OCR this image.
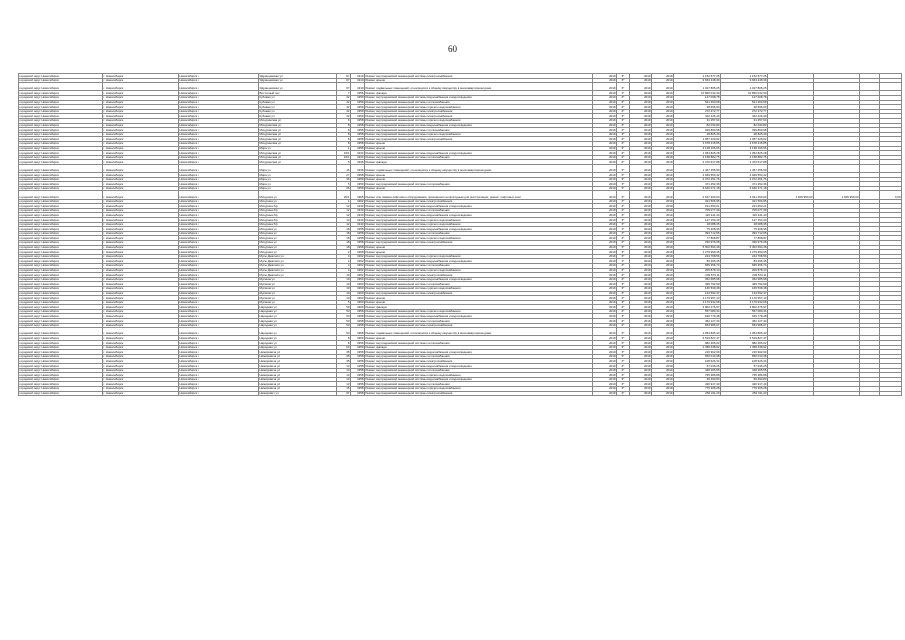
60
городской округ Новосибирск	г. Новосибирск	Новосибирск г	Ядринцевская ул	67	1910	Ремонт внутридомовой инженерной системы электроснабжения	2019	6*	2019	2019	1 152 577,25	1 152 577,25				
городской округ Новосибирск	г. Новосибирск	Новосибирск г	Ядринцевская ул	67	1910	Ремонт крыши	2019	6*	2019	2019	9 663 448,39	9 663 448,39				
городской округ Новосибирск	г. Новосибирск	Новосибирск г	Ядринцевская ул	67	1910	Ремонт подвальных помещений, относящихся к общему имуществу в многоквартирном доме	2019	6*	2019	2019	1 027 805,25	1 027 805,25				
городской округ Новосибирск	г. Новосибирск	Новосибирск г	Восточный пос	7	1956	Ремонт фасада	2019	6*	2019	2019	10 860 042,30	10 860 042,30				
городской округ Новосибирск	г. Новосибирск	Новосибирск г	Кубовая ул	42	1959	Ремонт внутридомовой инженерной системы водоснабжения и водоотведения	2019	6*	2019	2019	127 008,78	127 008,78				
городской округ Новосибирск	г. Новосибирск	Новосибирск г	Кубовая ул	42	1959	Ремонт внутридомовой инженерной системы теплоснабжения	2019	6*	2019	2019	521 360,68	521 360,68				
городской округ Новосибирск	г. Новосибирск	Новосибирск г	Кубовая ул	42	1959	Ремонт внутридомовой инженерной системы горячего водоснабжения	2019	6*	2019	2019	38 696,60	38 696,60				
городской округ Новосибирск	г. Новосибирск	Новосибирск г	Кубовая ул	42	1959	Ремонт внутридомовой инженерной системы электроснабжения	2019	6*	2019	2019	272 472,77	272 472,77				
городской округ Новосибирск	г. Новосибирск	Новосибирск г	Кубовая ул	42	1959	Ремонт внутридомовой инженерной системы электроснабжения	2019	6*	2019	2019	422 426,40	422 426,40				
городской округ Новосибирск	г. Новосибирск	Новосибирск г	Мичуринская ул	6	1958	Ремонт внутридомовой инженерной системы горячего водоснабжения	2019	6*	2019	2019	31 257,04	31 257,04				
городской округ Новосибирск	г. Новосибирск	Новосибирск г	Мичуринская ул	8	1958	Ремонт внутридомовой инженерной системы водоснабжения и водоотведения	2019	6*	2019	2019	82 034,83	82 034,83				
городской округ Новосибирск	г. Новосибирск	Новосибирск г	Мичуринская ул	8	1958	Ремонт внутридомовой инженерной системы теплоснабжения	2019	6*	2019	2019	339 860,98	339 860,98				
городской округ Новосибирск	г. Новосибирск	Новосибирск г	Мичуринская ул	8	1958	Ремонт внутридомовой инженерной системы горячего водоснабжения	2019	6*	2019	2019	28 825,40	28 825,40				
городской округ Новосибирск	г. Новосибирск	Новосибирск г	Мичуринская ул	8	1958	Ремонт внутридомовой инженерной системы электроснабжения	2019	6*	2019	2019	1 057 329,02	1 057 329,02				
городской округ Новосибирск	г. Новосибирск	Новосибирск г	Мичуринская ул	8	1958	Ремонт крыши	2019	6*	2019	2019	2 678 215,85	2 678 215,85				
городской округ Новосибирск	г. Новосибирск	Новосибирск г	Мира ул	1	1958	Ремонт крыши	2019	6*	2019	2019	4 138 106,66	4 138 106,66				
городской округ Новосибирск	г. Новосибирск	Новосибирск г	Мичуринская ул	16/1	1934	Ремонт внутридомовой инженерной системы водоснабжения и водоотведения	2019	6*	2019	2019	1 054 825,28	1 054 825,28				
городской округ Новосибирск	г. Новосибирск	Новосибирск г	Мичуринская ул	16/1	1934	Ремонт внутридомовой инженерной системы теплоснабжения	2019	6*	2019	2019	2 158 882,75	2 158 882,75				
городской округ Новосибирск	г. Новосибирск	Новосибирск г	Мичуринская ул	5	1935	Ремонт фасада	2019	6*	2019	2019	2 470 617,88	2 470 617,88				
городской округ Новосибирск	г. Новосибирск	Новосибирск г	Мира ул	16	1936	Ремонт подвальных помещений, относящихся к общему имуществу в многоквартирном доме	2019	6*	2019	2019	1 467 456,90	1 467 456,90				
городской округ Новосибирск	г. Новосибирск	Новосибирск г	Мира ул	27	1958	Ремонт крыши	2019	6*	2019	2019	4 949 553,42	4 949 553,42				
городской округ Новосибирск	г. Новосибирск	Новосибирск г	Мира ул	46	1959	Ремонт крыши	2019	6*	2019	2019	2 072 251,76	2 072 251,76				
городской округ Новосибирск	г. Новосибирск	Новосибирск г	Мира ул	5	1959	Ремонт внутридомовой инженерной системы теплоснабжения	2019	6*	2019	2019	471 252,36	471 252,36				
городской округ Новосибирск	г. Новосибирск	Новосибирск г	Мира ул	26	1959	Ремонт крыши	2019	6*	2019	2019	6 640 271,18	6 640 271,18				
городской округ Новосибирск	г. Новосибирск	Новосибирск г	Мичурина ул	20/1	1965	Ремонт или замена лифтового оборудования, признанного непригодным для эксплуатации, ремонт лифтовых шахт	2019	6*	2019	2019	4 637 300,00	3 031 350,00	1 605 950,00	1 605 950,00		0,00
городской округ Новосибирск	г. Новосибирск	Новосибирск г	Мичурина ул	1	1962	Ремонт внутридомовой инженерной системы электроснабжения	2019	6*	2019	2019	321 506,95	321 506,95				
городской округ Новосибирск	г. Новосибирск	Новосибирск г	Мичурина б/р	12	1940	Ремонт внутридомовой инженерной системы водоснабжения и водоотведения	2019	6*	2019	2019	221 653,21	221 653,21				
городской округ Новосибирск	г. Новосибирск	Новосибирск г	Мичурина б/р	12	1940	Ремонт внутридомовой инженерной системы теплоснабжения	2019	6*	2019	2019	705 077,39	705 077,39				
городской округ Новосибирск	г. Новосибирск	Новосибирск г	Мичурина б/р	12	1940	Ремонт внутридомовой инженерной системы водоснабжения и водоотведения	2019	6*	2019	2019	116 341,43	116 341,43				
городской округ Новосибирск	г. Новосибирск	Новосибирск г	Мичурина б/р	12	1940	Ремонт внутридомовой инженерной системы горячего водоснабжения	2019	6*	2019	2019	127 154,40	127 154,40				
городской округ Новосибирск	г. Новосибирск	Новосибирск г	Мичурина б/р	12	1940	Ремонт внутридомовой инженерной системы горячего водоснабжения	2019	6*	2019	2019	18 088,35	18 088,35				
городской округ Новосибирск	г. Новосибирск	Новосибирск г	Мичурина ул	18	1958	Ремонт внутридомовой инженерной системы водоснабжения и водоотведения	2019	6*	2019	2019	75 308,36	75 308,36				
городской округ Новосибирск	г. Новосибирск	Новосибирск г	Мичурина ул	18	1958	Ремонт внутридомовой инженерной системы теплоснабжения	2019	6*	2019	2019	393 712,65	393 712,65				
городской округ Новосибирск	г. Новосибирск	Новосибирск г	Мичурина ул	18	1958	Ремонт внутридомовой инженерной системы горячего водоснабжения	2019	6*	2019	2019	77 808,87	77 808,87				
городской округ Новосибирск	г. Новосибирск	Новосибирск г	Мичурина ул	18	1958	Ремонт внутридомовой инженерной системы электроснабжения	2019	6*	2019	2019	330 976,08	330 976,08				
городской округ Новосибирск	г. Новосибирск	Новосибирск г	Мичурина ул	18	1958	Ремонт крыши	2019	6*	2019	2019	5 302 594,48	5 302 594,48				
городской округ Новосибирск	г. Новосибирск	Новосибирск г	Мичурина ул	2	1958	Ремонт крыши	2019	6*	2019	2019	1 279 959,45	1 279 959,45				
городской округ Новосибирск	г. Новосибирск	Новосибирск г	Мусы Джалиля ул	4	1962	Ремонт внутридомовой инженерной системы горячего водоснабжения	2019	6*	2019	2019	244 768,56	244 768,56				
городской округ Новосибирск	г. Новосибирск	Новосибирск г	Мусы Джалиля ул	4	1962	Ремонт внутридомовой инженерной системы водоснабжения и водоотведения	2019	6*	2019	2019	83 296,45	83 296,45				
городской округ Новосибирск	г. Новосибирск	Новосибирск г	Мусы Джалиля ул	4	1962	Ремонт внутридомовой инженерной системы теплоснабжения	2019	6*	2019	2019	665 356,74	665 356,74				
городской округ Новосибирск	г. Новосибирск	Новосибирск г	Мусы Джалиля ул	4	1962	Ремонт внутридомовой инженерной системы горячего водоснабжения	2019	6*	2019	2019	206 878,13	206 878,13				
городской округ Новосибирск	г. Новосибирск	Новосибирск г	Мусы Джалиля ул	10	1962	Ремонт внутридомовой инженерной системы электроснабжения	2019	6*	2019	2019	249 573,11	249 573,11				
городской округ Новосибирск	г. Новосибирск	Новосибирск г	Мусиков ул	10	1960	Ремонт внутридомовой инженерной системы водоснабжения и водоотведения	2019	6*	2019	2019	352 685,98	352 685,98				
городской округ Новосибирск	г. Новосибирск	Новосибирск г	Мусиков ул	10	1960	Ремонт внутридомовой инженерной системы теплоснабжения	2019	6*	2019	2019	469 792,99	469 792,99				
городской округ Новосибирск	г. Новосибирск	Новосибирск г	Мусиков ул	10	1960	Ремонт внутридомовой инженерной системы горячего водоснабжения	2019	6*	2019	2019	166 539,48	166 539,48				
городской округ Новосибирск	г. Новосибирск	Новосибирск г	Мусиков ул	10	1960	Ремонт внутридомовой инженерной системы электроснабжения	2019	6*	2019	2019	134 592,47	134 592,47				
городской округ Новосибирск	г. Новосибирск	Новосибирск г	Мусиков ул	10	1960	Ремонт крыши	2019	6*	2019	2019	2 176 957,13	2 176 957,13				
городской округ Новосибирск	г. Новосибирск	Новосибирск г	Мусиков ул	5	1960	Ремонт крыши	2019	6*	2019	2019	4 176 942,08	4 176 942,08				
городской округ Новосибирск	г. Новосибирск	Новосибирск г	Народная ул	59	1960	Ремонт фасада	2019	6*	2019	2019	3 802 476,97	3 802 476,97				
городской округ Новосибирск	г. Новосибирск	Новосибирск г	Народная ул	53	1958	Ремонт внутридомовой инженерной системы горячего водоснабжения	2019	6*	2019	2019	557 080,34	557 080,34				
городской округ Новосибирск	г. Новосибирск	Новосибирск г	Народная ул	53	1958	Ремонт внутридомовой инженерной системы водоснабжения и водоотведения	2019	6*	2019	2019	629 779,48	629 779,48				
городской округ Новосибирск	г. Новосибирск	Новосибирск г	Народная ул	53	1958	Ремонт внутридомовой инженерной системы теплоснабжения	2019	6*	2019	2019	452 127,34	452 127,34				
городской округ Новосибирск	г. Новосибирск	Новосибирск г	Народная ул	53	1958	Ремонт внутридомовой инженерной системы электроснабжения	2019	6*	2019	2019	653 985,07	653 985,07				
городской округ Новосибирск	г. Новосибирск	Новосибирск г	Народная ул	53	1958	Ремонт подвальных помещений, относящихся к общему имуществу в многоквартирном доме	2019	6*	2019	2019	1 054 805,43	1 054 805,43				
городской округ Новосибирск	г. Новосибирск	Новосибирск г	Народная ул	8	1960	Ремонт крыши	2019	6*	2019	2019	6 519 827,47	6 519 827,47				
городской округ Новосибирск	г. Новосибирск	Новосибирск г	Народная ул	8	1956	Ремонт внутридомовой инженерной системы теплоснабжения	2019	6*	2019	2019	982 305,02	982 305,02				
городской округ Новосибирск	г. Новосибирск	Новосибирск г	Народная ул	64	1959	Ремонт фасада	2019	6*	2019	2019	1 358 438,92	1 358 438,92				
городской округ Новосибирск	г. Новосибирск	Новосибирск г	Немировича ул	35	1958	Ремонт внутридомовой инженерной системы водоснабжения и водоотведения	2019	6*	2019	2019	216 902,90	216 902,90				
городской округ Новосибирск	г. Новосибирск	Новосибирск г	Немировича ул	35	1958	Ремонт внутридомовой инженерной системы теплоснабжения	2019	6*	2019	2019	650 013,38	650 013,38				
городской округ Новосибирск	г. Новосибирск	Новосибирск г	Немировича ул	35	1958	Ремонт внутридомовой инженерной системы электроснабжения	2019	6*	2019	2019	108 626,34	108 626,34				
городской округ Новосибирск	г. Новосибирск	Новосибирск г	Немировича ул	13	1958	Ремонт внутридомовой инженерной системы водоснабжения и водоотведения	2019	6*	2019	2019	57 036,25	57 036,25				
городской округ Новосибирск	г. Новосибирск	Новосибирск г	Немировича ул	13	1958	Ремонт внутридомовой инженерной системы теплоснабжения	2019	6*	2019	2019	448 265,55	448 265,55				
городской округ Новосибирск	г. Новосибирск	Новосибирск г	Немировича ул	13	1958	Ремонт внутридомовой инженерной системы горячего водоснабжения	2019	6*	2019	2019	765 386,88	765 386,88				
городской округ Новосибирск	г. Новосибирск	Новосибирск г	Немировича ул	13	1958	Ремонт внутридомовой инженерной системы водоснабжения и водоотведения	2019	6*	2019	2019	69 493,83	69 493,83				
городской округ Новосибирск	г. Новосибирск	Новосибирск г	Немировича ул	13	1958	Ремонт внутридомовой инженерной системы теплоснабжения	2019	6*	2019	2019	420 917,40	420 917,40				
городской округ Новосибирск	г. Новосибирск	Новосибирск г	Немировича ул	15	1958	Ремонт внутридомовой инженерной системы горячего водоснабжения	2019	6*	2019	2019	779 305,28	779 305,28				
городской округ Новосибирск	г. Новосибирск	Новосибирск г	Немирович ул	97	1958	Ремонт внутридомовой инженерной системы электроснабжения	2019	6*	2019	2019	252 311,23	252 311,23				
